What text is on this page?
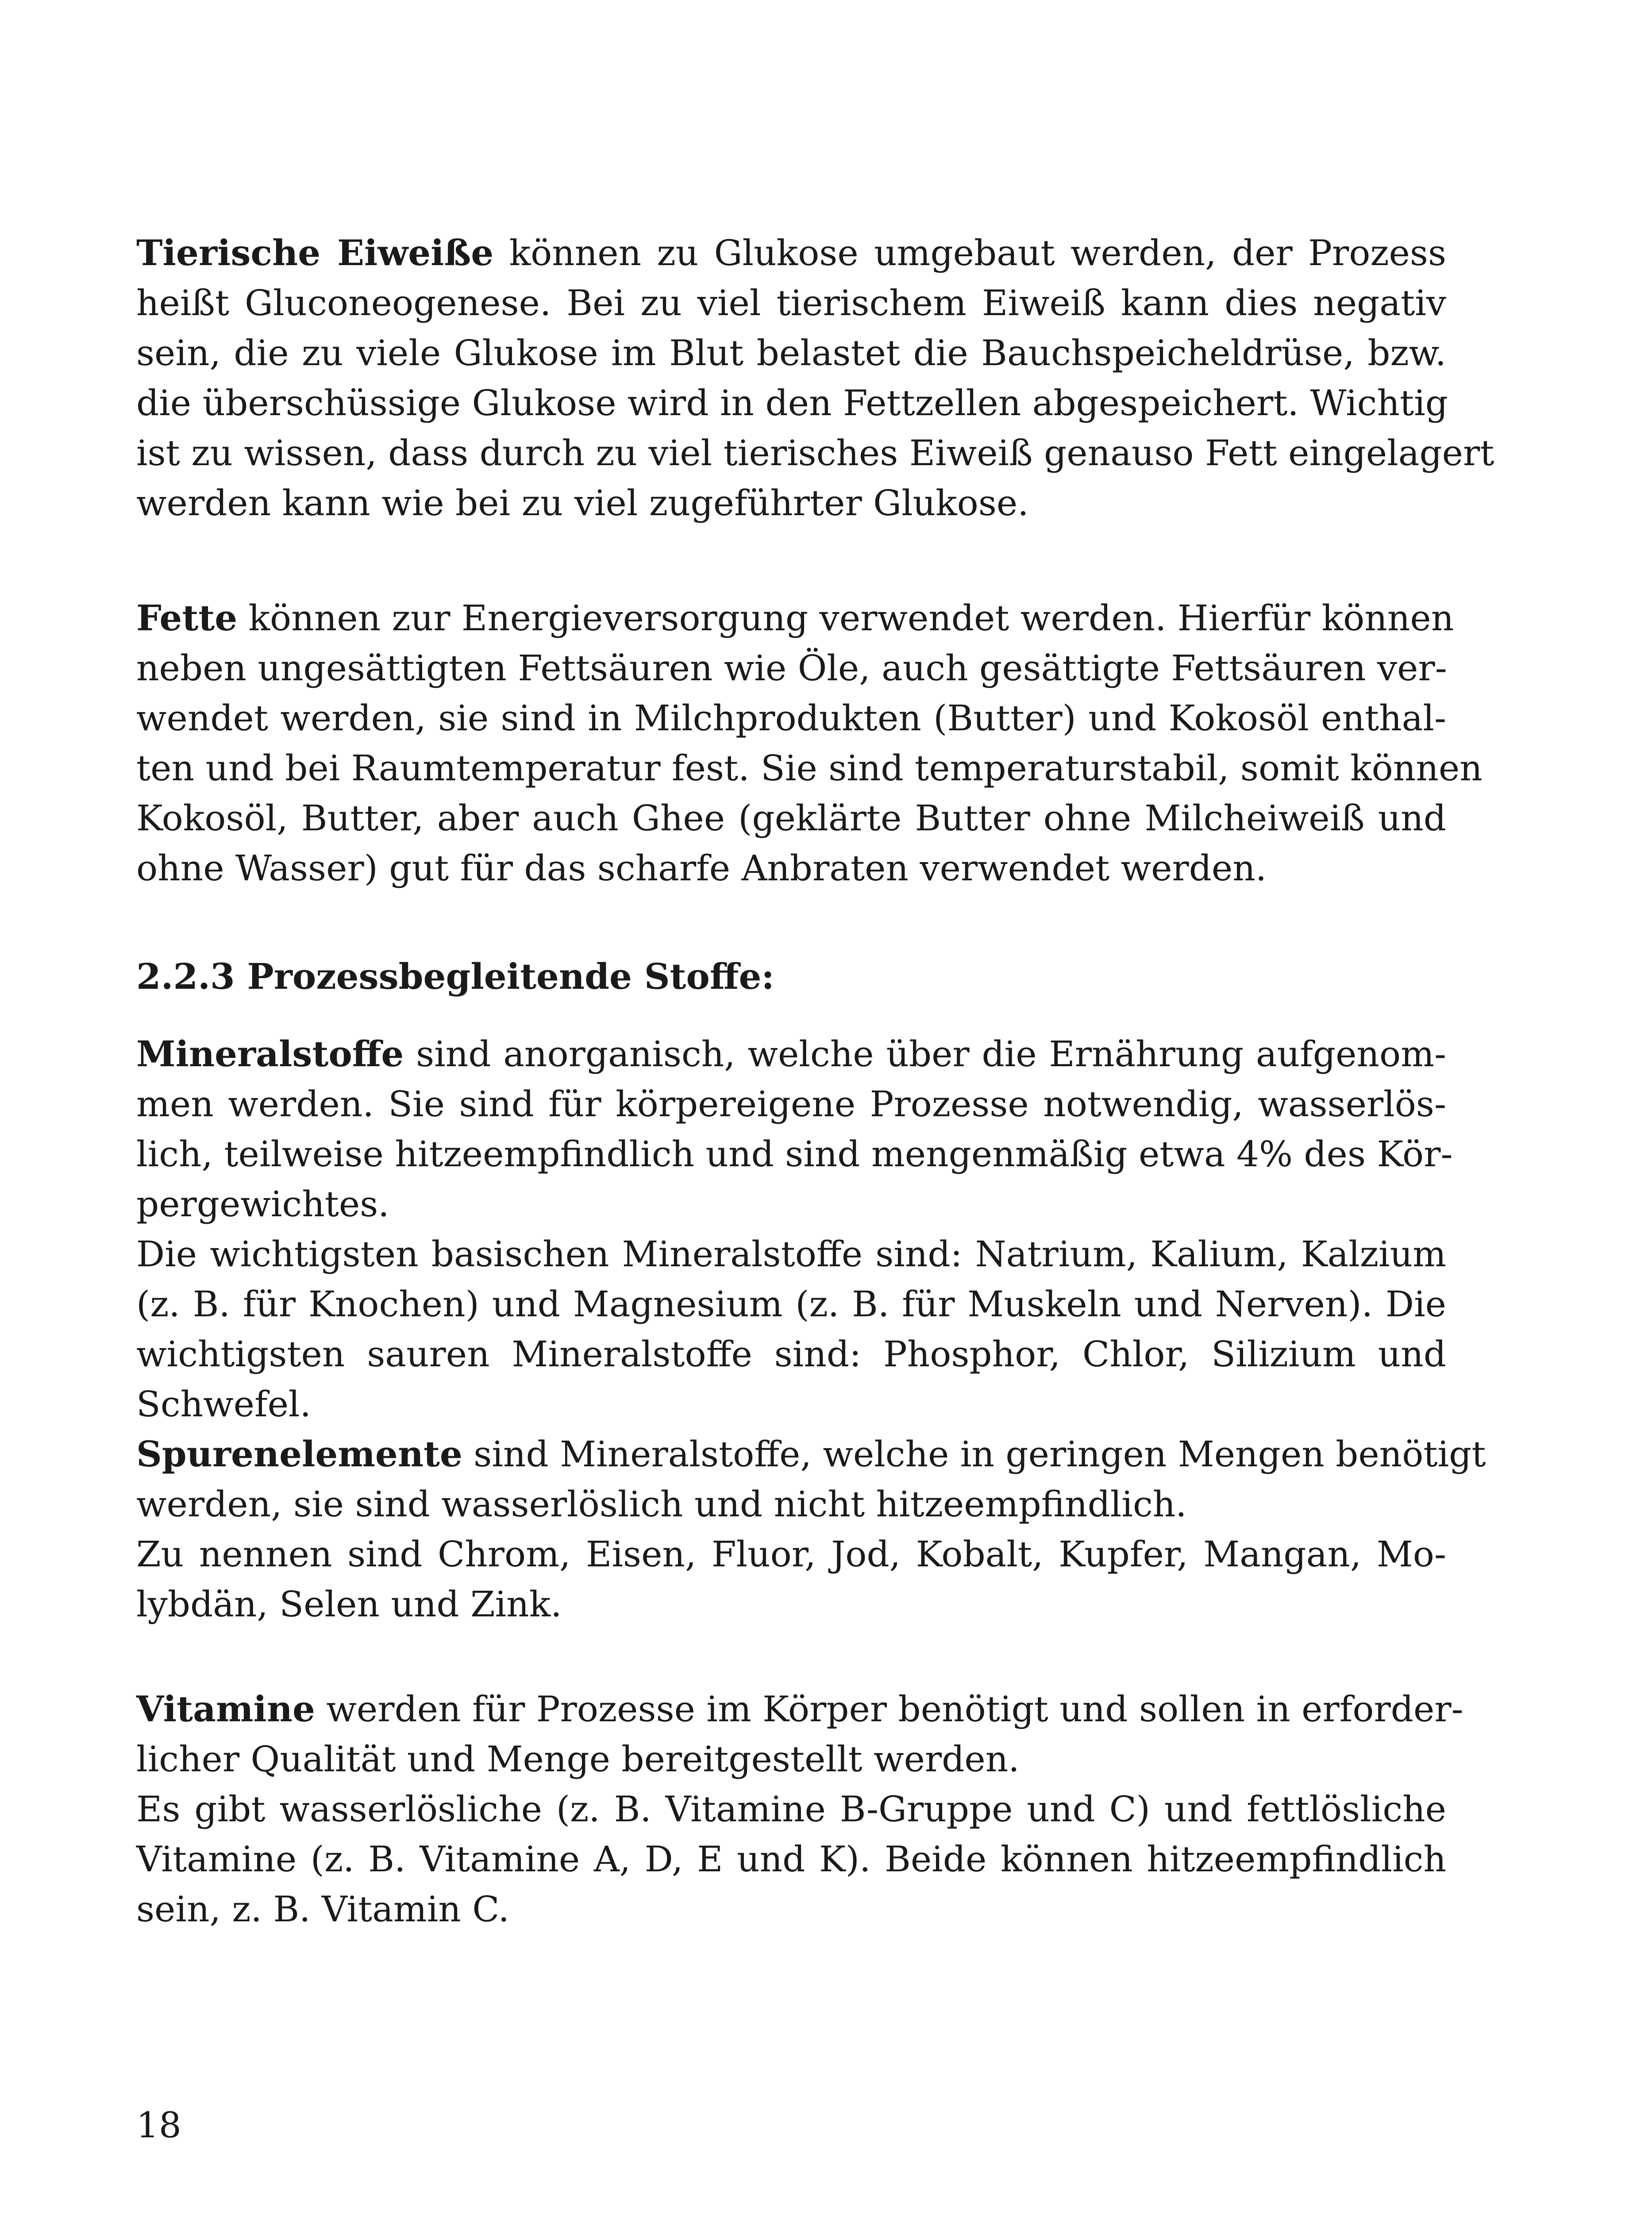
Tierische Eiweiße können zu Glukose umgebaut werden, der Prozess
heißt Gluconeogenese. Bei zu viel tierischem Eiweiß kann dies negativ
sein, die zu viele Glukose im Blut belastet die Bauchspeicheldrüse, bzw.
die überschüssige Glukose wird in den Fettzellen abgespeichert. Wichtig
ist zu wissen, dass durch zu viel tierisches Eiweiß genauso Fett eingelagert
werden kann wie bei zu viel zugeführter Glukose.
Fette können zur Energieversorgung verwendet werden. Hierfür können
neben ungesättigten Fettsäuren wie Öle, auch gesättigte Fettsäuren ver-
wendet werden, sie sind in Milchprodukten (Butter) und Kokosöl enthal-
ten und bei Raumtemperatur fest. Sie sind temperaturstabil, somit können
Kokosöl, Butter, aber auch Ghee (geklärte Butter ohne Milcheiweiß und
ohne Wasser) gut für das scharfe Anbraten verwendet werden.
2.2.3 Prozessbegleitende Stoffe:
Mineralstoffe sind anorganisch, welche über die Ernährung aufgenom-
men werden. Sie sind für körpereigene Prozesse notwendig, wasserlös-
lich, teilweise hitzeempfindlich und sind mengenmäßig etwa 4% des Kör-
pergewichtes.
Die wichtigsten basischen Mineralstoffe sind: Natrium, Kalium, Kalzium
(z. B. für Knochen) und Magnesium (z. B. für Muskeln und Nerven). Die
wichtigsten sauren Mineralstoffe sind: Phosphor, Chlor, Silizium und
Schwefel.
Spurenelemente sind Mineralstoffe, welche in geringen Mengen benötigt
werden, sie sind wasserlöslich und nicht hitzeempfindlich.
Zu nennen sind Chrom, Eisen, Fluor, Jod, Kobalt, Kupfer, Mangan, Mo-
lybdän, Selen und Zink.
Vitamine werden für Prozesse im Körper benötigt und sollen in erforder-
licher Qualität und Menge bereitgestellt werden.
Es gibt wasserlösliche (z. B. Vitamine B-Gruppe und C) und fettlösliche
Vitamine (z. B. Vitamine A, D, E und K). Beide können hitzeempfindlich
sein, z. B. Vitamin C.
18
